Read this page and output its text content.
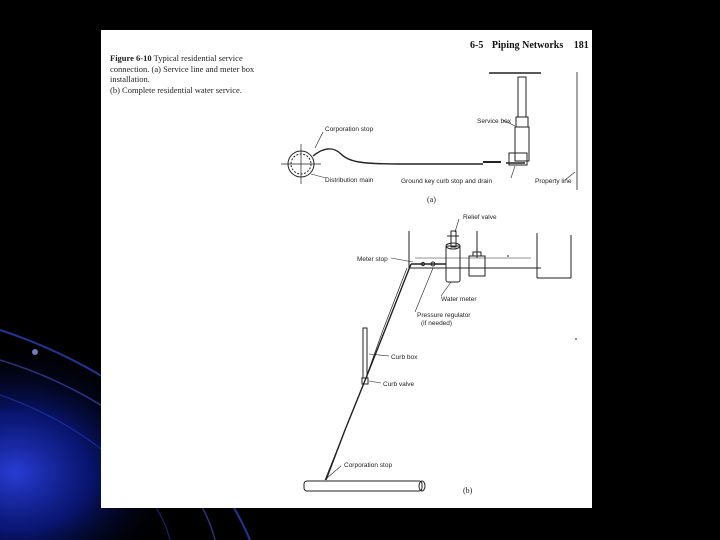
6-5 Piping Networks 181

Figure 6-10 Typical residential service connection. (a) Service line and meter box installation.

(b) Complete residential water service.

Corporation stop
Distribution main
Service box
Ground key curb stop and drain	Property line
(a)
Relief valve
Meter stop
Water meter
Pressure regulator
(if needed)
Curb box
Curb valve
Corporation stop
(b)
